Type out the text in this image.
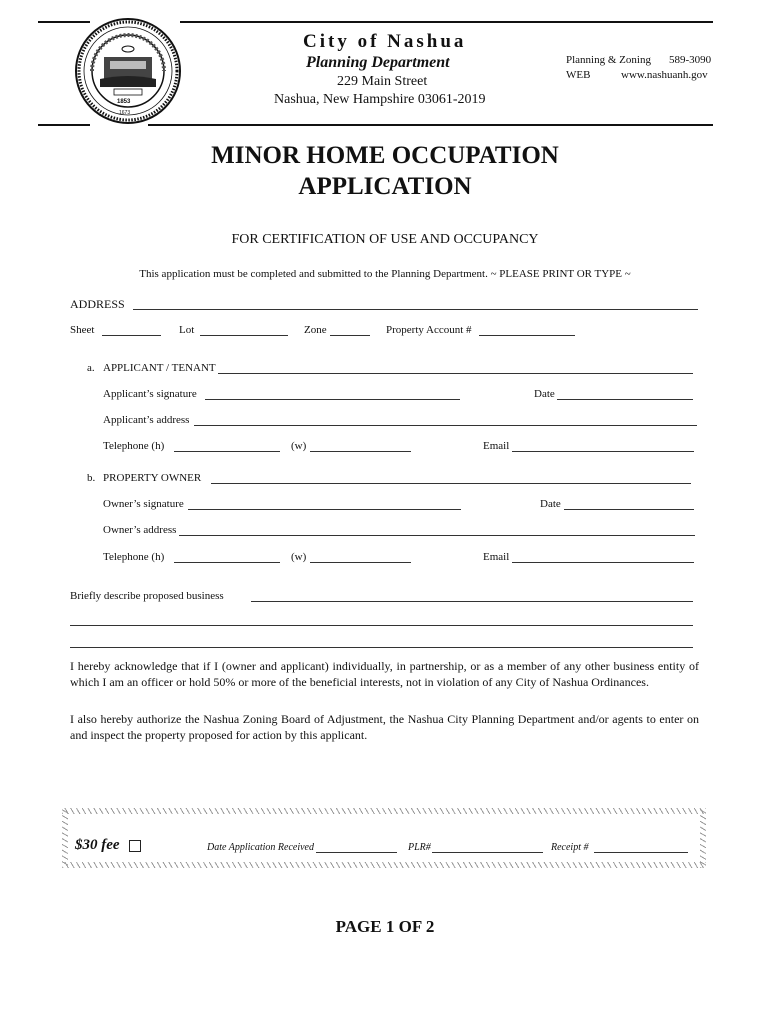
1853
1673
City of Nashua
Planning Department
229 Main Street
Nashua, New Hampshire 03061-2019
Planning & Zoning 589-3090
WEB	www.nashuanh.gov
MINOR HOME OCCUPATION
APPLICATION
FOR CERTIFICATION OF USE AND OCCUPANCY
This application must be completed and submitted to the Planning Department. ~ PLEASE PRINT OR TYPE ~
ADDRESS
Sheet	Lot	Zone	Property Account #
a. APPLICANT / TENANT
Applicant’s signature	Date
Applicant’s address
Telephone (h)	(w)	Email
b. PROPERTY OWNER
Owner’s signature	Date
Owner’s address
Telephone (h)	(w)	Email
Briefly describe proposed business
I hereby acknowledge that if I (owner and applicant) individually, in partnership, or as a member of any other business entity of which I am an officer or hold 50% or more of the beneficial interests, not in violation of any City of Nashua Ordinances.
I also hereby authorize the Nashua Zoning Board of Adjustment, the Nashua City Planning Department and/or agents to enter on and inspect the property proposed for action by this applicant.
$30 fee	Date Application Received	PLR#	Receipt #
PAGE 1 OF 2
